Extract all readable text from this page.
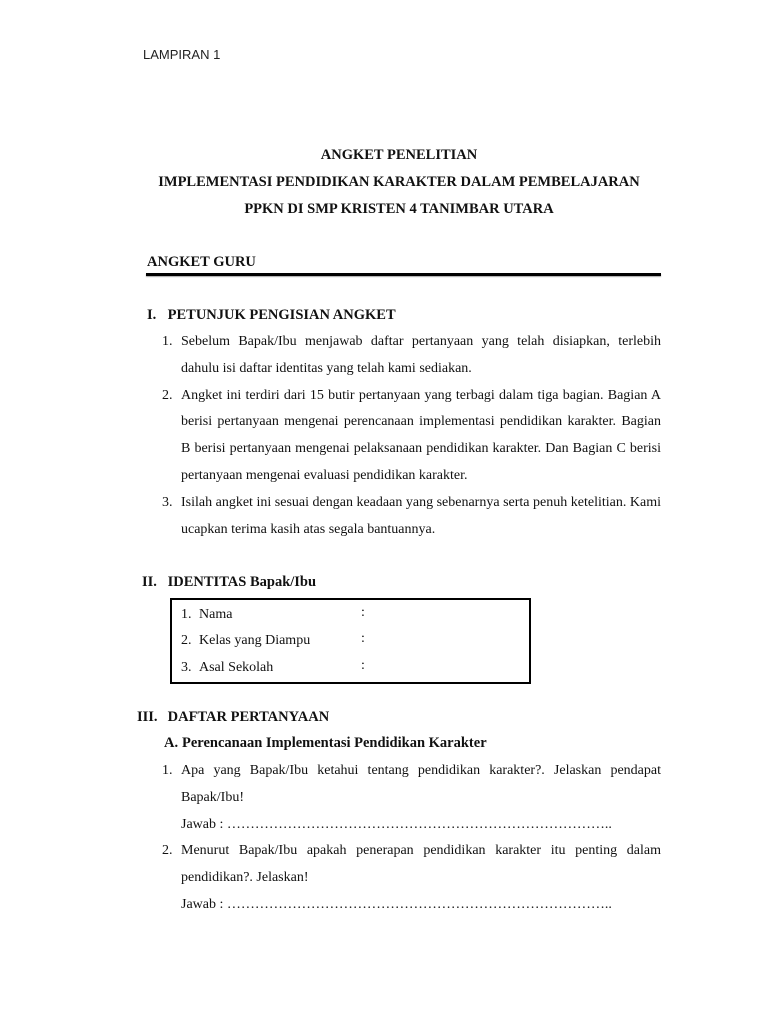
LAMPIRAN 1
ANGKET PENELITIAN
IMPLEMENTASI PENDIDIKAN KARAKTER DALAM PEMBELAJARAN
PPKN DI SMP KRISTEN 4 TANIMBAR UTARA
ANGKET GURU
I. PETUNJUK PENGISIAN ANGKET
1. Sebelum Bapak/Ibu menjawab daftar pertanyaan yang telah disiapkan, terlebih dahulu isi daftar identitas yang telah kami sediakan.
2. Angket ini terdiri dari 15 butir pertanyaan yang terbagi dalam tiga bagian. Bagian A berisi pertanyaan mengenai perencanaan implementasi pendidikan karakter. Bagian B berisi pertanyaan mengenai pelaksanaan pendidikan karakter. Dan Bagian C berisi pertanyaan mengenai evaluasi pendidikan karakter.
3. Isilah angket ini sesuai dengan keadaan yang sebenarnya serta penuh ketelitian. Kami ucapkan terima kasih atas segala bantuannya.
II. IDENTITAS Bapak/Ibu
1. Nama	:
2. Kelas yang Diampu	:
3. Asal Sekolah	:
III. DAFTAR PERTANYAAN
A. Perencanaan Implementasi Pendidikan Karakter
1. Apa yang Bapak/Ibu ketahui tentang pendidikan karakter?. Jelaskan pendapat Bapak/Ibu!
Jawab : ………………………………………………………………………..
2. Menurut Bapak/Ibu apakah penerapan pendidikan karakter itu penting dalam pendidikan?. Jelaskan!
Jawab : ………………………………………………………………………..
